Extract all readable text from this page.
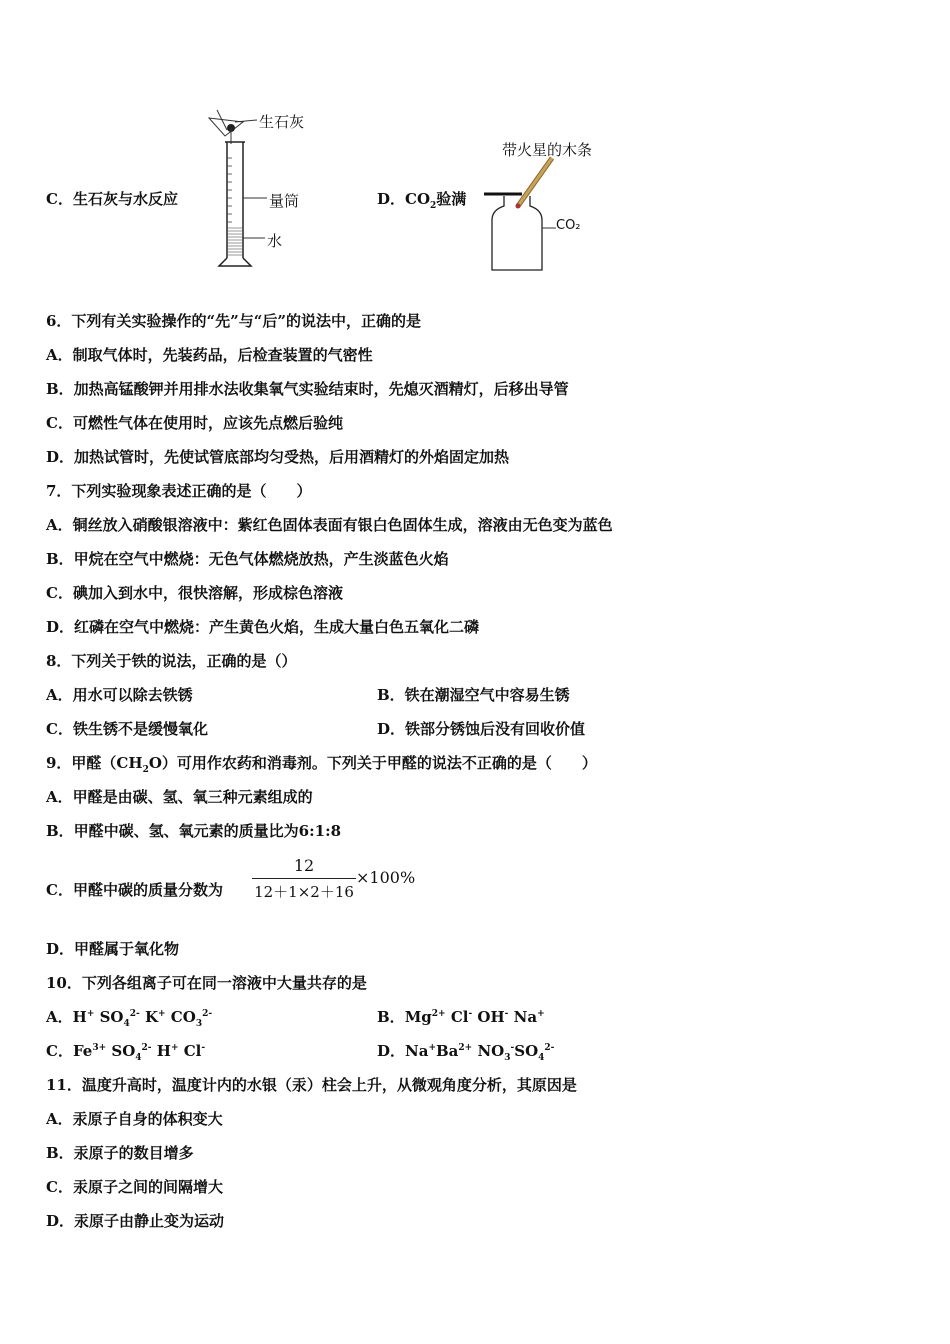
C．生石灰与水反应
生石灰
量筒
水
D．$CO_2$验满
带火星的木条
CO₂
6．下列有关实验操作的“先”与“后”的说法中，正确的是
A．制取气体时，先装药品，后检查装置的气密性
B．加热高锰酸钾并用排水法收集氧气实验结束时，先熄灭酒精灯，后移出导管
C．可燃性气体在使用时，应该先点燃后验纯
D．加热试管时，先使试管底部均匀受热，后用酒精灯的外焰固定加热
7．下列实验现象表述正确的是（　　）
A．铜丝放入硝酸银溶液中：紫红色固体表面有银白色固体生成，溶液由无色变为蓝色
B．甲烷在空气中燃烧：无色气体燃烧放热，产生淡蓝色火焰
C．碘加入到水中，很快溶解，形成棕色溶液
D．红磷在空气中燃烧：产生黄色火焰，生成大量白色五氧化二磷
8．下列关于铁的说法，正确的是（）
A．用水可以除去铁锈	B．铁在潮湿空气中容易生锈
C．铁生锈不是缓慢氧化	D．铁部分锈蚀后没有回收价值
9．甲醛$(CH_2O)$可用作农药和消毒剂。下列关于甲醛的说法不正确的是（　　）
A．甲醛是由碳、氢、氧三种元素组成的
B．甲醛中碳、氢、氧元素的质量比为6:1:8
C．甲醛中碳的质量分数为
12
12＋1×2＋16
×100%
D．甲醛属于氧化物
10．下列各组离子可在同一溶液中大量共存的是
A．H+ $SO_4^{2-}$ K+ $CO_3^{2-}$	B．$Mg^{2+}$ Cl- OH- Na+
C．$Fe^{3+}$ $SO_4^{2-}$ H+ Cl-	D．$Na^+Ba^{2+}$ $NO_3^-SO_4^{2-}$
11．温度升高时，温度计内的水银（汞）柱会上升，从微观角度分析，其原因是
A．汞原子自身的体积变大
B．汞原子的数目增多
C．汞原子之间的间隔增大
D．汞原子由静止变为运动
